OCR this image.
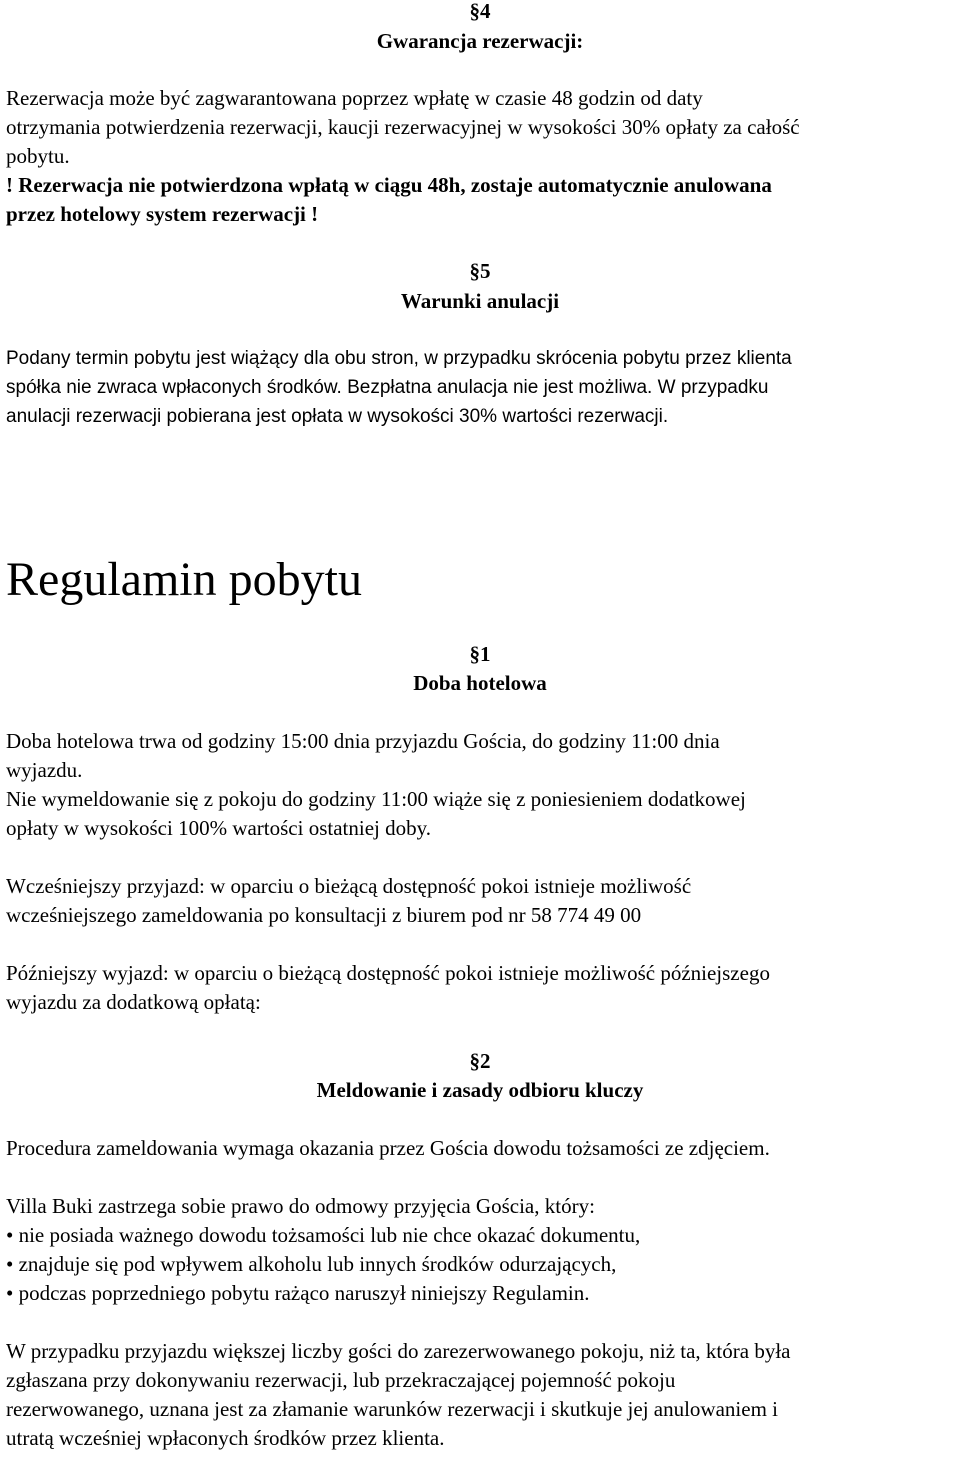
§4

Gwarancja rezerwacji:

Rezerwacja może być zagwarantowana poprzez wpłatę w czasie 48 godzin od daty

otrzymania potwierdzenia rezerwacji, kaucji rezerwacyjnej w wysokości 30% opłaty za całość

pobytu.

! Rezerwacja nie potwierdzona wpłatą w ciągu 48h, zostaje automatycznie anulowana

przez hotelowy system rezerwacji !

§5

Warunki anulacji

Podany termin pobytu jest wiążący dla obu stron, w przypadku skrócenia pobytu przez klienta

spółka nie zwraca wpłaconych środków. Bezpłatna anulacja nie jest możliwa. W przypadku

anulacji rezerwacji pobierana jest opłata w wysokości 30% wartości rezerwacji.

Regulamin pobytu

§1

Doba hotelowa

Doba hotelowa trwa od godziny 15:00 dnia przyjazdu Gościa, do godziny 11:00 dnia

wyjazdu.

Nie wymeldowanie się z pokoju do godziny 11:00 wiąże się z poniesieniem dodatkowej

opłaty w wysokości 100% wartości ostatniej doby.

Wcześniejszy przyjazd: w oparciu o bieżącą dostępność pokoi istnieje możliwość

wcześniejszego zameldowania po konsultacji z biurem pod nr 58 774 49 00

Późniejszy wyjazd: w oparciu o bieżącą dostępność pokoi istnieje możliwość późniejszego

wyjazdu za dodatkową opłatą:

§2

Meldowanie i zasady odbioru kluczy

Procedura zameldowania wymaga okazania przez Gościa dowodu tożsamości ze zdjęciem.

Villa Buki zastrzega sobie prawo do odmowy przyjęcia Gościa, który:

• nie posiada ważnego dowodu tożsamości lub nie chce okazać dokumentu,

• znajduje się pod wpływem alkoholu lub innych środków odurzających,

• podczas poprzedniego pobytu rażąco naruszył niniejszy Regulamin.

W przypadku przyjazdu większej liczby gości do zarezerwowanego pokoju, niż ta, która była

zgłaszana przy dokonywaniu rezerwacji, lub przekraczającej pojemność pokoju

rezerwowanego, uznana jest za złamanie warunków rezerwacji i skutkuje jej anulowaniem i

utratą wcześniej wpłaconych środków przez klienta.
